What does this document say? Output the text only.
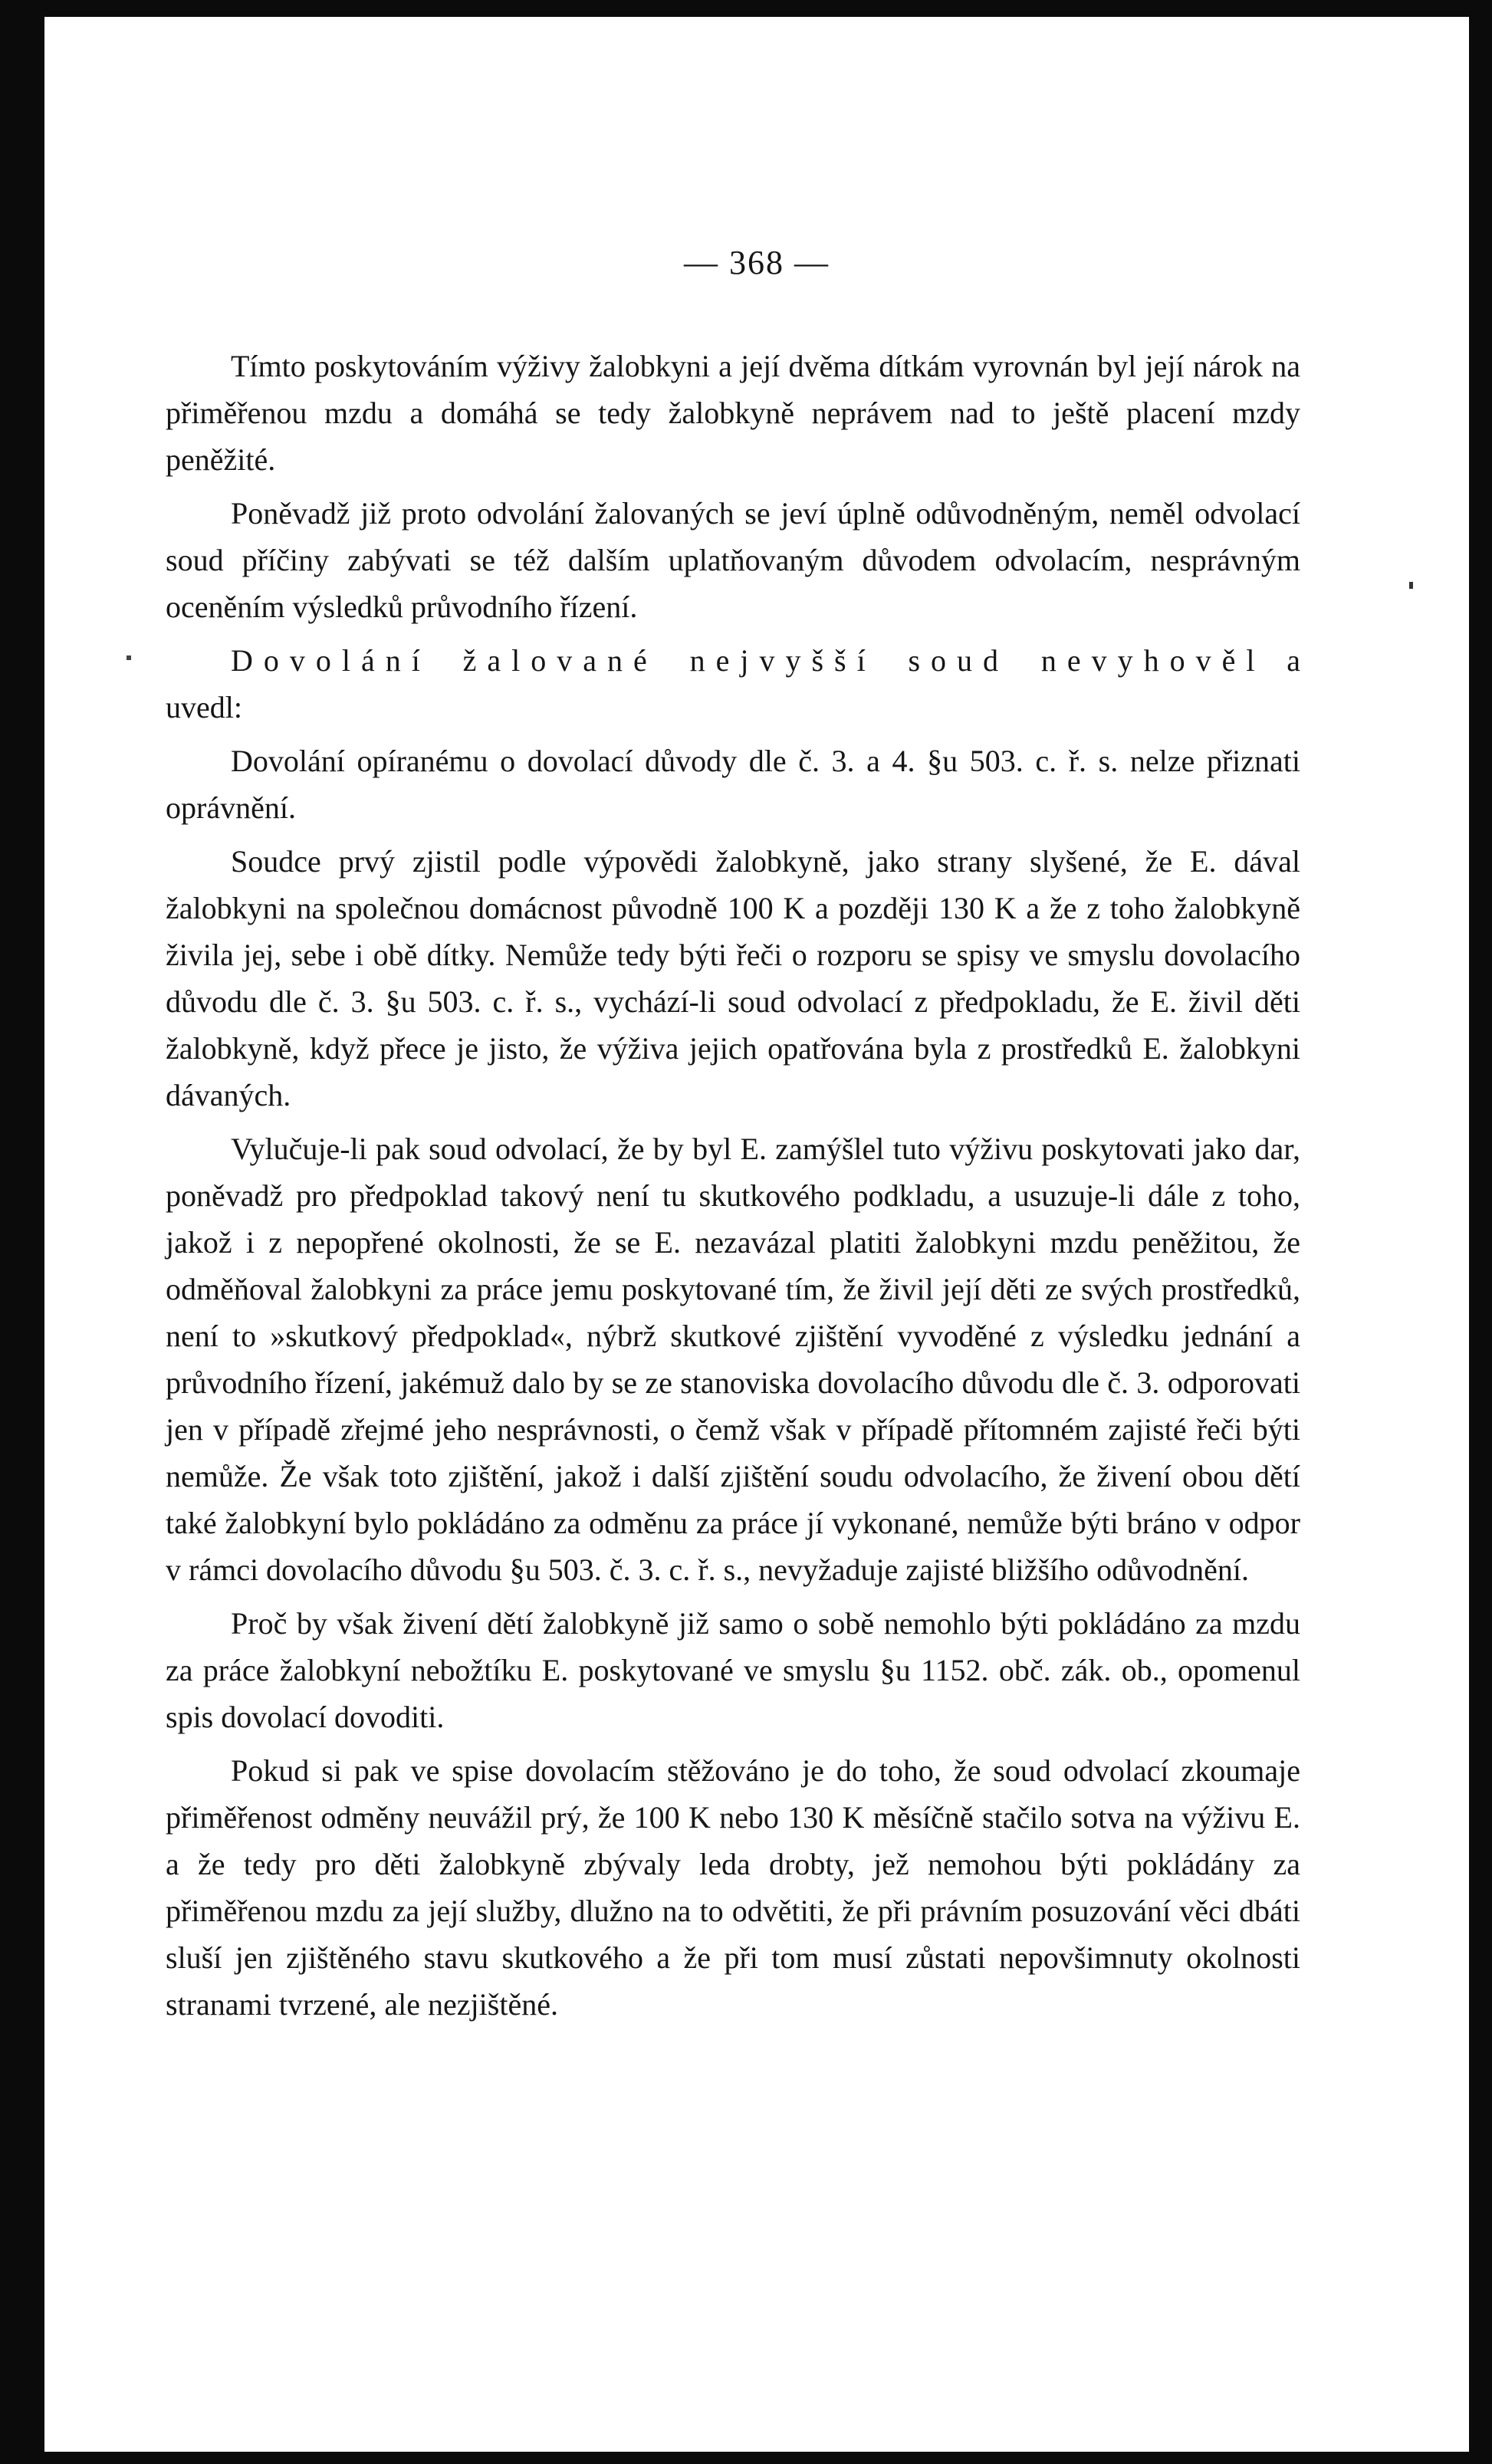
— 368 —

Tímto poskytováním výživy žalobkyni a její dvěma dítkám vyrovnán byl její nárok na přiměřenou mzdu a domáhá se tedy žalobkyně neprávem nad to ještě placení mzdy peněžité.

Poněvadž již proto odvolání žalovaných se jeví úplně odůvodněným, neměl odvolací soud příčiny zabývati se též dalším uplatňovaným důvodem odvolacím, nesprávným oceněním výsledků průvodního řízení.

Dovolání žalované nejvyšší soud nevyhověl a uvedl:

Dovolání opíranému o dovolací důvody dle č. 3. a 4. §u 503. c. ř. s. nelze přiznati oprávnění.

Soudce prvý zjistil podle výpovědi žalobkyně, jako strany slyšené, že E. dával žalobkyni na společnou domácnost původně 100 K a později 130 K a že z toho žalobkyně živila jej, sebe i obě dítky. Nemůže tedy býti řeči o rozporu se spisy ve smyslu dovolacího důvodu dle č. 3. §u 503. c. ř. s., vychází-li soud odvolací z předpokladu, že E. živil děti žalobkyně, když přece je jisto, že výživa jejich opatřována byla z prostředků E. žalobkyni dávaných.

Vylučuje-li pak soud odvolací, že by byl E. zamýšlel tuto výživu poskytovati jako dar, poněvadž pro předpoklad takový není tu skutkového podkladu, a usuzuje-li dále z toho, jakož i z nepopřené okolnosti, že se E. nezavázal platiti žalobkyni mzdu peněžitou, že odměňoval žalobkyni za práce jemu poskytované tím, že živil její děti ze svých prostředků, není to »skutkový předpoklad«, nýbrž skutkové zjištění vyvoděné z výsledku jednání a průvodního řízení, jakémuž dalo by se ze stanoviska dovolacího důvodu dle č. 3. odporovati jen v případě zřejmé jeho nesprávnosti, o čemž však v případě přítomném zajisté řeči býti nemůže. Že však toto zjištění, jakož i další zjištění soudu odvolacího, že živení obou dětí také žalobkyní bylo pokládáno za odměnu za práce jí vykonané, nemůže býti bráno v odpor v rámci dovolacího důvodu §u 503. č. 3. c. ř. s., nevyžaduje zajisté bližšího odůvodnění.

Proč by však živení dětí žalobkyně již samo o sobě nemohlo býti pokládáno za mzdu za práce žalobkyní nebožtíku E. poskytované ve smyslu §u 1152. obč. zák. ob., opomenul spis dovolací dovoditi.

Pokud si pak ve spise dovolacím stěžováno je do toho, že soud odvolací zkoumaje přiměřenost odměny neuvážil prý, že 100 K nebo 130 K měsíčně stačilo sotva na výživu E. a že tedy pro děti žalobkyně zbývaly leda drobty, jež nemohou býti pokládány za přiměřenou mzdu za její služby, dlužno na to odvětiti, že při právním posuzování věci dbáti sluší jen zjištěného stavu skutkového a že při tom musí zůstati nepovšimnuty okolnosti stranami tvrzené, ale nezjištěné.
